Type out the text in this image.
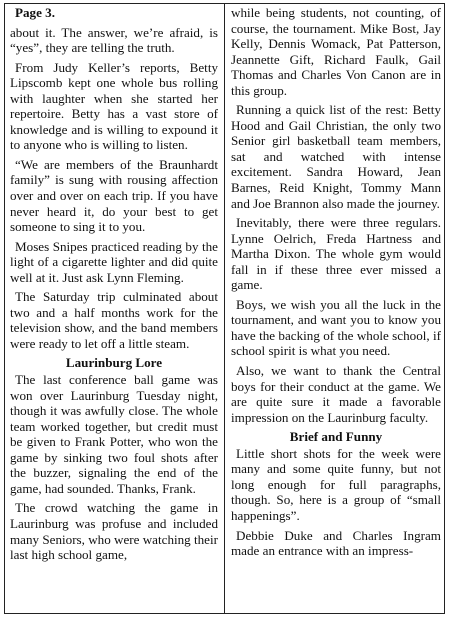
Page 3.

about it. The answer, we’re afraid, is “yes”, they are telling the truth.

From Judy Keller’s reports, Betty Lipscomb kept one whole bus rolling with laughter when she started her repertoire. Betty has a vast store of knowledge and is willing to expound it to anyone who is willing to listen.

“We are members of the Braunhardt family” is sung with rousing affection over and over on each trip. If you have never heard it, do your best to get someone to sing it to you.

Moses Snipes practiced reading by the light of a cigarette lighter and did quite well at it. Just ask Lynn Fleming.

The Saturday trip culminated about two and a half months work for the television show, and the band members were ready to let off a little steam.

Laurinburg Lore

The last conference ball game was won over Laurinburg Tuesday night, though it was awfully close. The whole team worked together, but credit must be given to Frank Potter, who won the game by sinking two foul shots after the buzzer, signaling the end of the game, had sounded. Thanks, Frank.

The crowd watching the game in Laurinburg was profuse and included many Seniors, who were watching their last high school game,

while being students, not counting, of course, the tournament. Mike Bost, Jay Kelly, Dennis Womack, Pat Patterson, Jeannette Gift, Richard Faulk, Gail Thomas and Charles Von Canon are in this group.

Running a quick list of the rest: Betty Hood and Gail Christian, the only two Senior girl basketball team members, sat and watched with intense excitement. Sandra Howard, Jean Barnes, Reid Knight, Tommy Mann and Joe Brannon also made the journey.

Inevitably, there were three regulars. Lynne Oelrich, Freda Hartness and Martha Dixon. The whole gym would fall in if these three ever missed a game.

Boys, we wish you all the luck in the tournament, and want you to know you have the backing of the whole school, if school spirit is what you need.

Also, we want to thank the Central boys for their conduct at the game. We are quite sure it made a favorable impression on the Laurinburg faculty.

Brief and Funny

Little short shots for the week were many and some quite funny, but not long enough for full paragraphs, though. So, here is a group of “small happenings”.

Debbie Duke and Charles Ingram made an entrance with an impress-
